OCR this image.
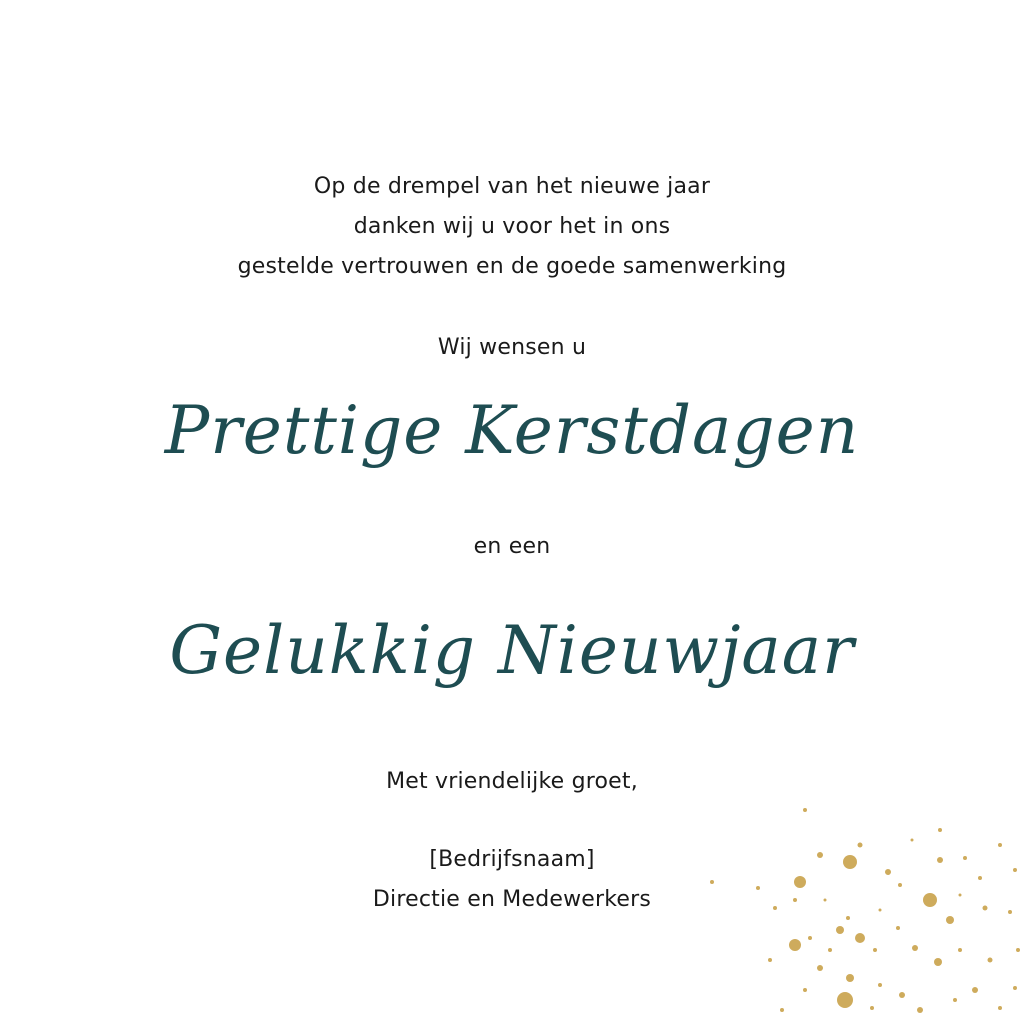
Op de drempel van het nieuwe jaar
danken wij u voor het in ons
gestelde vertrouwen en de goede samenwerking
Wij wensen u
Prettige Kerstdagen
en een
Gelukkig Nieuwjaar
Met vriendelijke groet,
[Bedrijfsnaam]
Directie en Medewerkers
